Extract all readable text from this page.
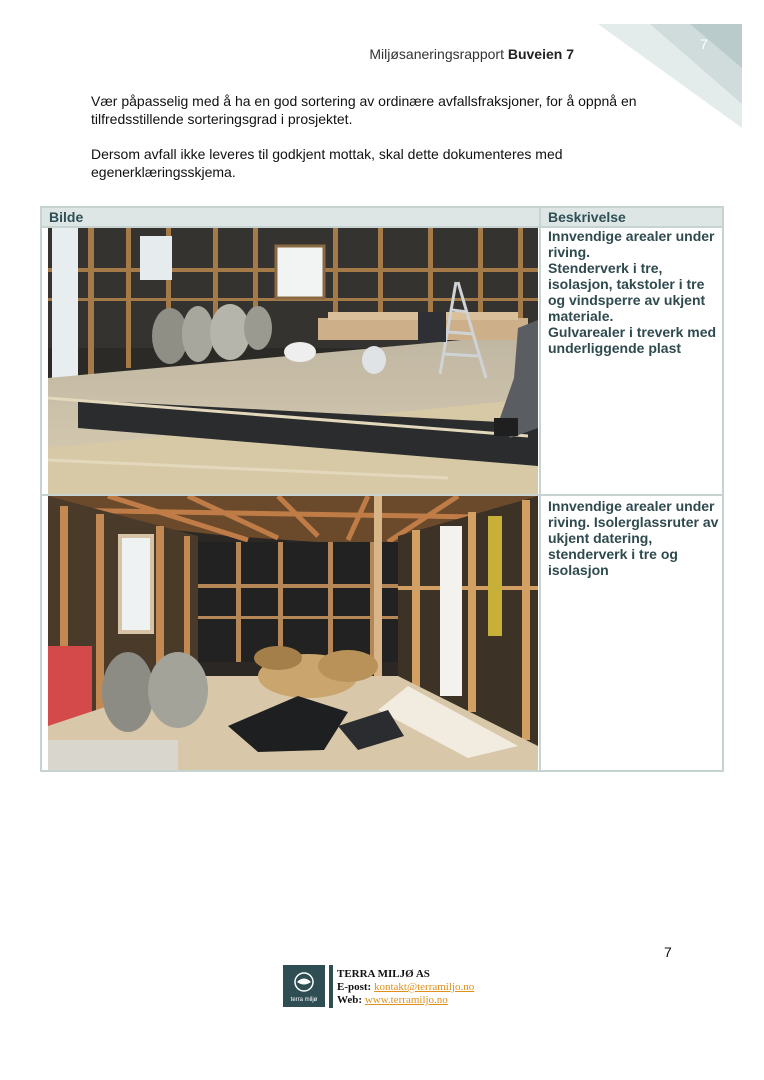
7
Miljøsaneringsrapport Buveien 7
Vær påpasselig med å ha en god sortering av ordinære avfallsfraksjoner, for å oppnå en tilfredsstillende sorteringsgrad i prosjektet.
Dersom avfall ikke leveres til godkjent mottak, skal dette dokumenteres med egenerklæringsskjema.
Bilde	Beskrivelse
Innvendige arealer under riving.
Stenderverk i tre, isolasjon, takstoler i tre og vindsperre av ukjent materiale.
Gulvarealer i treverk med underliggende plast
Innvendige arealer under riving. Isolerglassruter av ukjent datering, stenderverk i tre og isolasjon
7
terra miljø
TERRA MILJØ AS
E-post: kontakt@terramiljo.no
Web: www.terramiljo.no
